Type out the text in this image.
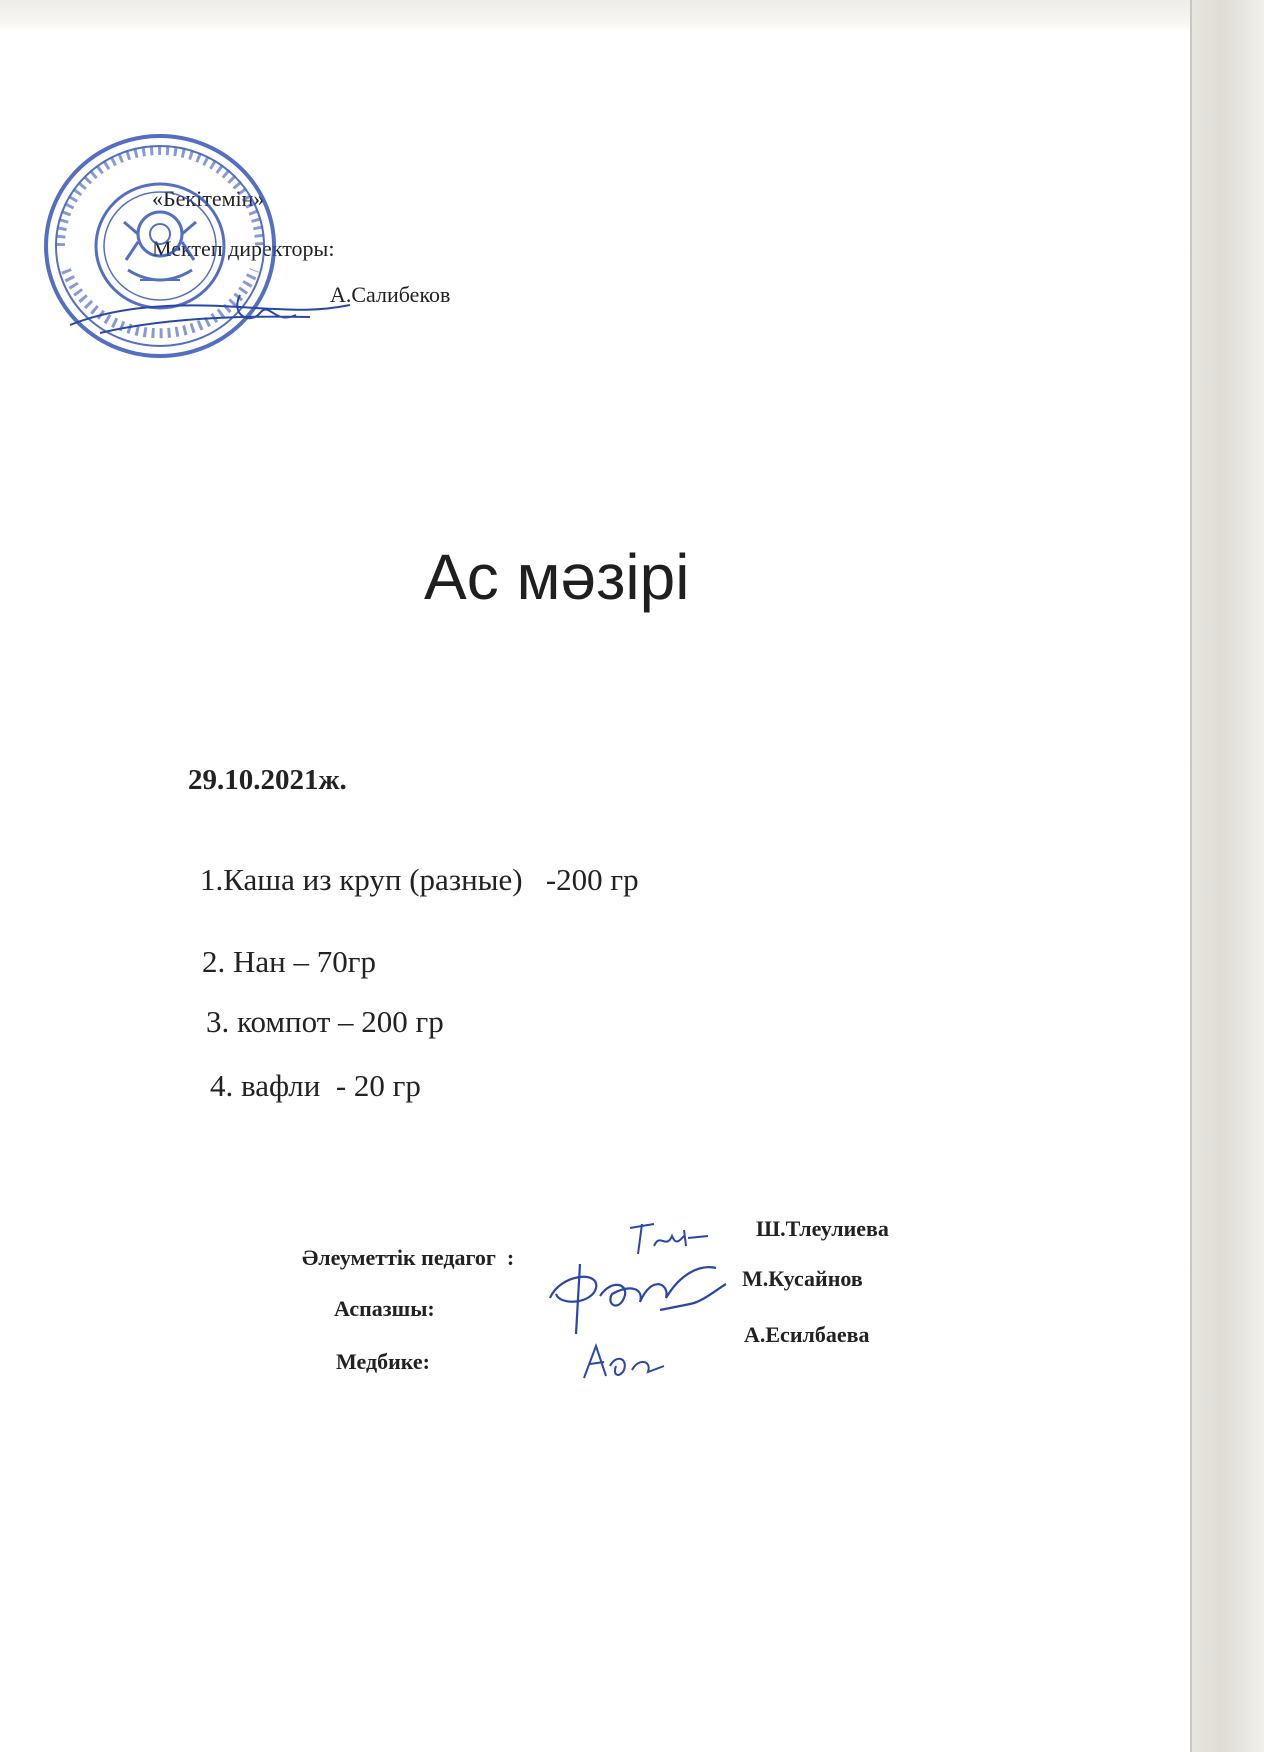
«Бекітемін»
Мектеп директоры:
А.Салибеков
Ас мәзірі
29.10.2021ж.
1.Каша из круп (разные)   -200 гр
2. Нан – 70гр
3. компот – 200 гр
4. вафли  - 20 гр
Әлеуметтік педагог  :
Аспазшы:
Медбике:
Ш.Тлеулиева
М.Кусайнов
А.Есилбаева
